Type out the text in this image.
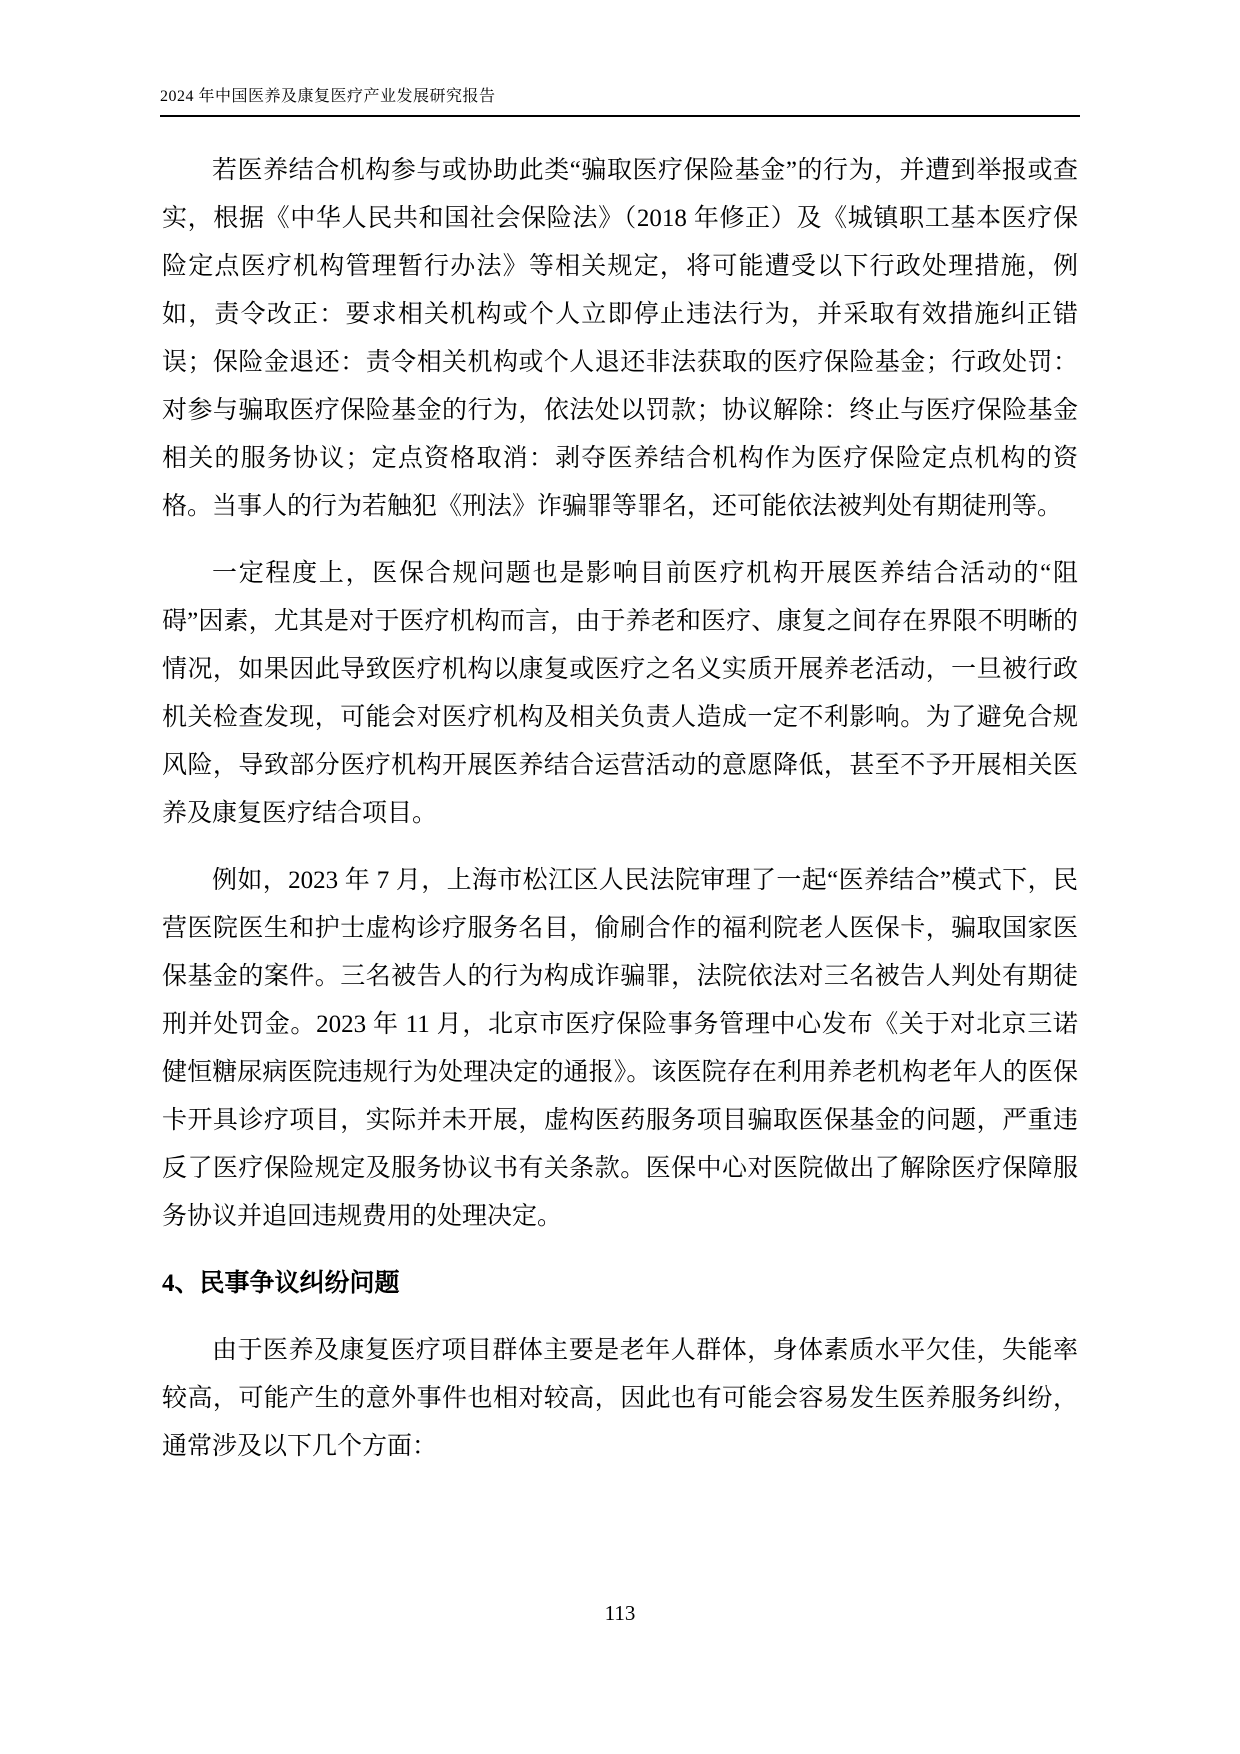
2024 年中国医养及康复医疗产业发展研究报告

若医养结合机构参与或协助此类“骗取医疗保险基金”的行为，并遭到举报或查实，根据《中华人民共和国社会保险法》（2018 年修正）及《城镇职工基本医疗保险定点医疗机构管理暂行办法》等相关规定，将可能遭受以下行政处理措施，例如，责令改正：要求相关机构或个人立即停止违法行为，并采取有效措施纠正错误；保险金退还：责令相关机构或个人退还非法获取的医疗保险基金；行政处罚：对参与骗取医疗保险基金的行为，依法处以罚款；协议解除：终止与医疗保险基金相关的服务协议；定点资格取消：剥夺医养结合机构作为医疗保险定点机构的资格。当事人的行为若触犯《刑法》诈骗罪等罪名，还可能依法被判处有期徒刑等。

一定程度上，医保合规问题也是影响目前医疗机构开展医养结合活动的“阻碍”因素，尤其是对于医疗机构而言，由于养老和医疗、康复之间存在界限不明晰的情况，如果因此导致医疗机构以康复或医疗之名义实质开展养老活动，一旦被行政机关检查发现，可能会对医疗机构及相关负责人造成一定不利影响。为了避免合规风险，导致部分医疗机构开展医养结合运营活动的意愿降低，甚至不予开展相关医养及康复医疗结合项目。

例如，2023 年 7 月，上海市松江区人民法院审理了一起“医养结合”模式下，民营医院医生和护士虚构诊疗服务名目，偷刷合作的福利院老人医保卡，骗取国家医保基金的案件。三名被告人的行为构成诈骗罪，法院依法对三名被告人判处有期徒刑并处罚金。2023 年 11 月，北京市医疗保险事务管理中心发布《关于对北京三诺健恒糖尿病医院违规行为处理决定的通报》。该医院存在利用养老机构老年人的医保卡开具诊疗项目，实际并未开展，虚构医药服务项目骗取医保基金的问题，严重违反了医疗保险规定及服务协议书有关条款。医保中心对医院做出了解除医疗保障服务协议并追回违规费用的处理决定。

4、民事争议纠纷问题

由于医养及康复医疗项目群体主要是老年人群体，身体素质水平欠佳，失能率较高，可能产生的意外事件也相对较高，因此也有可能会容易发生医养服务纠纷，通常涉及以下几个方面：

113
